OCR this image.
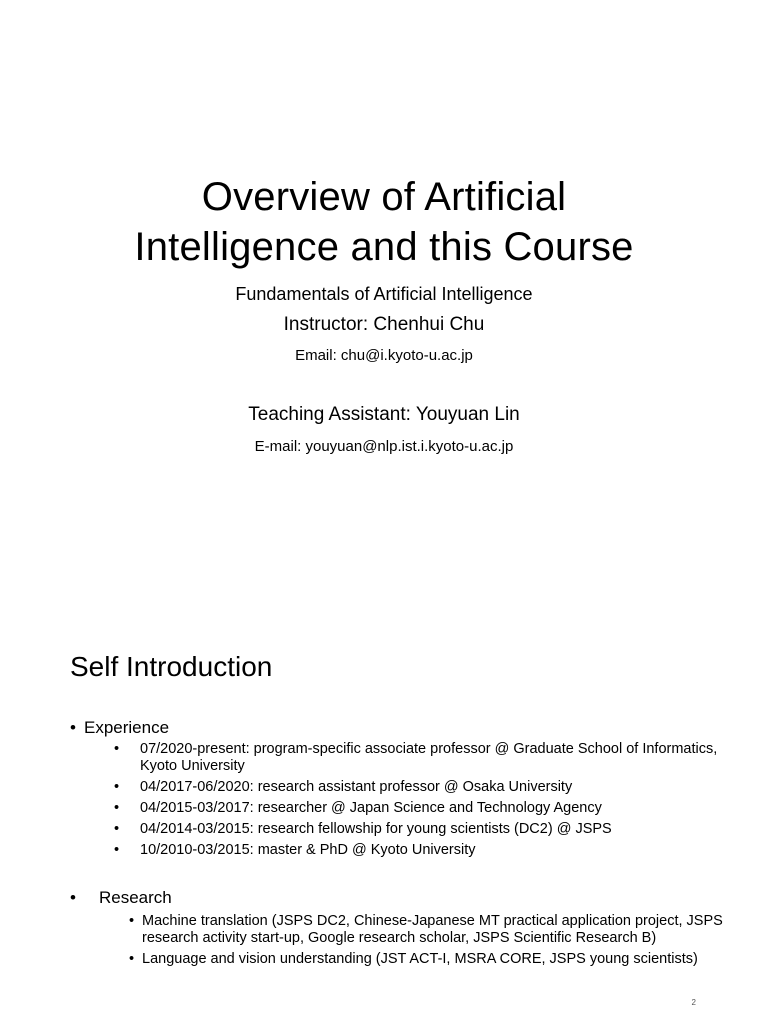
Overview of Artificial
Intelligence and this Course
Fundamentals of Artificial Intelligence
Instructor: Chenhui Chu
Email: chu@i.kyoto-u.ac.jp
Teaching Assistant: Youyuan Lin
E-mail: youyuan@nlp.ist.i.kyoto-u.ac.jp
Self Introduction
• Experience
• 07/2020-present: program-specific associate professor @ Graduate School of Informatics, Kyoto University
• 04/2017-06/2020: research assistant professor @ Osaka University
• 04/2015-03/2017: researcher @ Japan Science and Technology Agency
• 04/2014-03/2015: research fellowship for young scientists (DC2) @ JSPS
• 10/2010-03/2015: master & PhD @ Kyoto University
• Research
• Machine translation (JSPS DC2, Chinese-Japanese MT practical application project, JSPS research activity start-up, Google research scholar, JSPS Scientific Research B)
• Language and vision understanding (JST ACT-I, MSRA CORE, JSPS young scientists)
2
